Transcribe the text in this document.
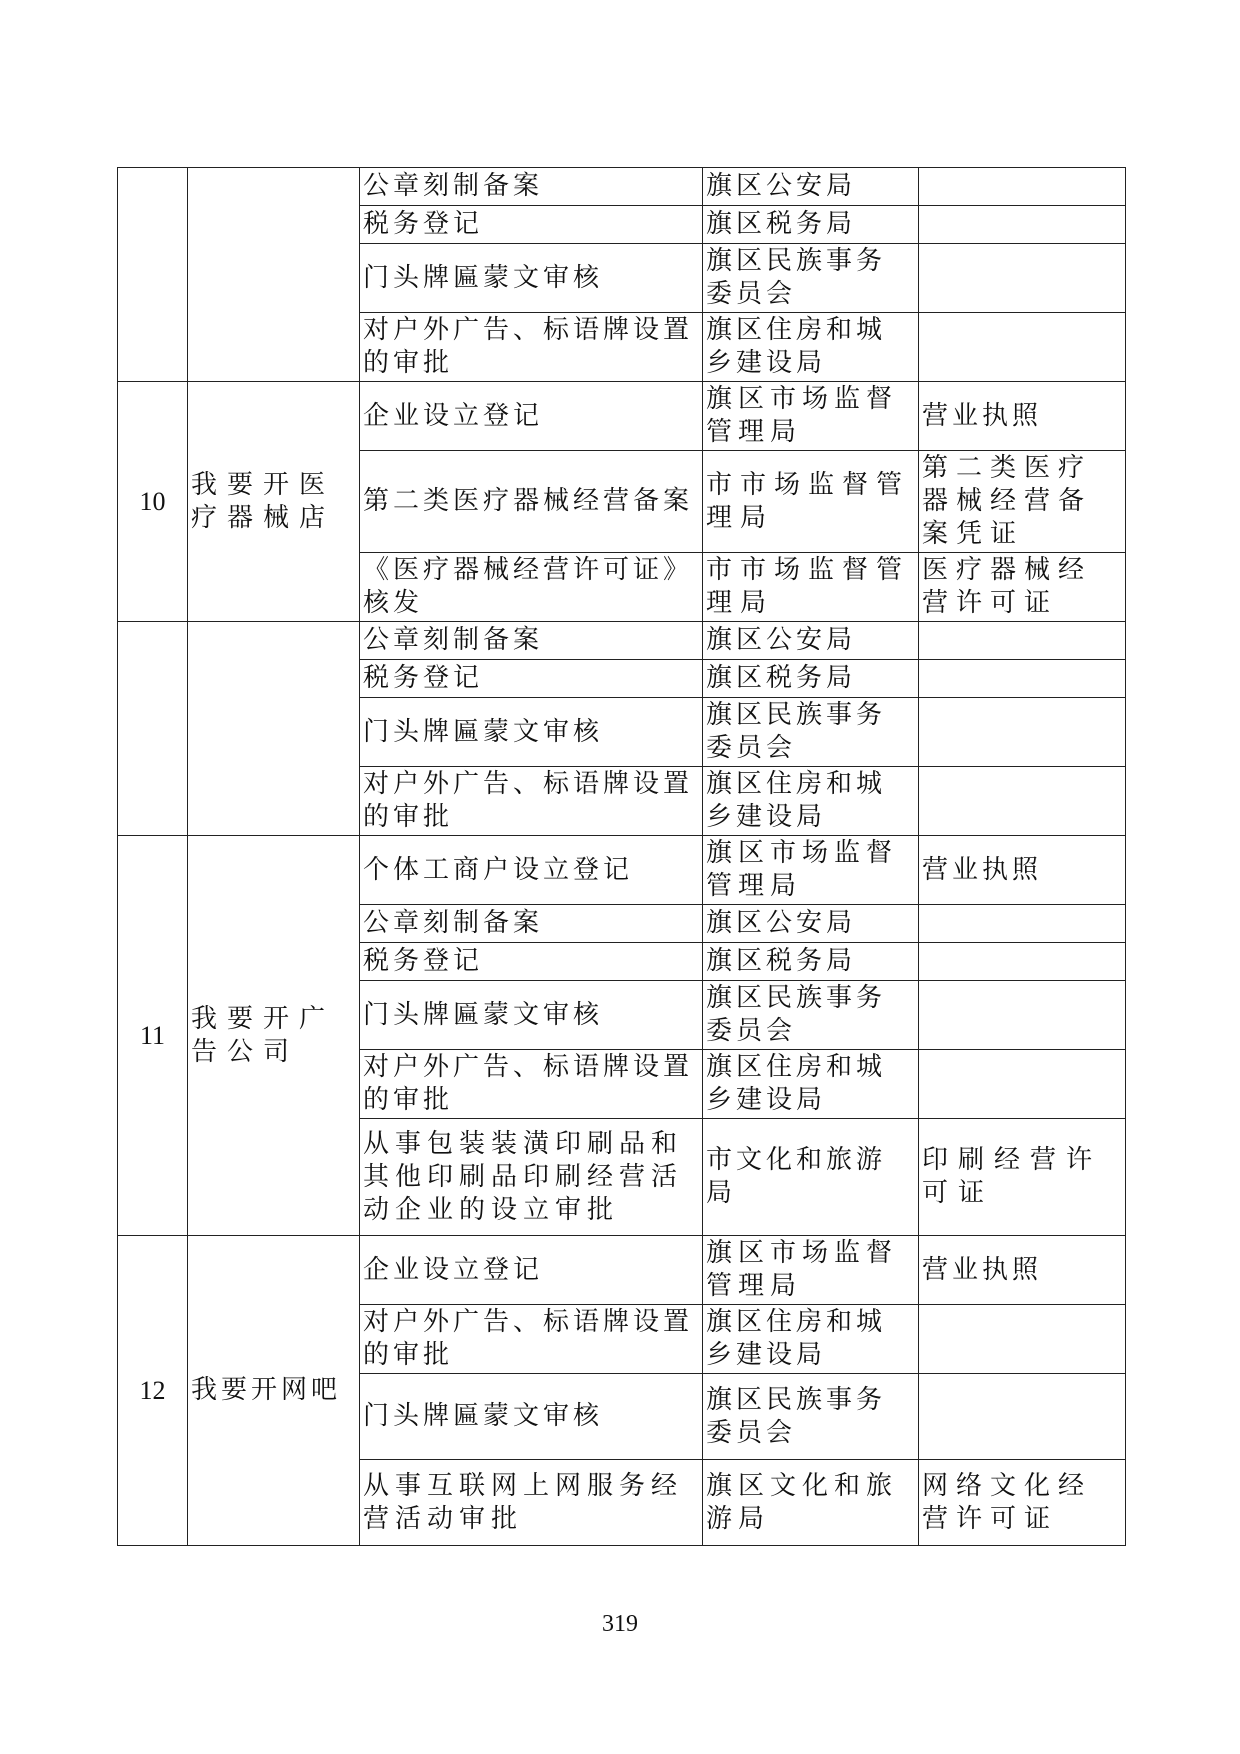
		公章刻制备案	旗区公安局	
		税务登记	旗区税务局	
		门头牌匾蒙文审核	旗区民族事务委员会	
		对户外广告、标语牌设置的审批	旗区住房和城乡建设局	
10	我要开医疗器械店	企业设立登记	旗区市场监督管理局	营业执照
		第二类医疗器械经营备案	市市场监督管理局	第二类医疗器械经营备案凭证
		《医疗器械经营许可证》核发	市市场监督管理局	医疗器械经营许可证
		公章刻制备案	旗区公安局	
		税务登记	旗区税务局	
		门头牌匾蒙文审核	旗区民族事务委员会	
		对户外广告、标语牌设置的审批	旗区住房和城乡建设局	
11	我要开广告公司	个体工商户设立登记	旗区市场监督管理局	营业执照
		公章刻制备案	旗区公安局	
		税务登记	旗区税务局	
		门头牌匾蒙文审核	旗区民族事务委员会	
		对户外广告、标语牌设置的审批	旗区住房和城乡建设局	
		从事包装装潢印刷品和其他印刷品印刷经营活动企业的设立审批	市文化和旅游局	印刷经营许可证
12	我要开网吧	企业设立登记	旗区市场监督管理局	营业执照
		对户外广告、标语牌设置的审批	旗区住房和城乡建设局	
		门头牌匾蒙文审核	旗区民族事务委员会	
		从事互联网上网服务经营活动审批	旗区文化和旅游局	网络文化经营许可证
319
